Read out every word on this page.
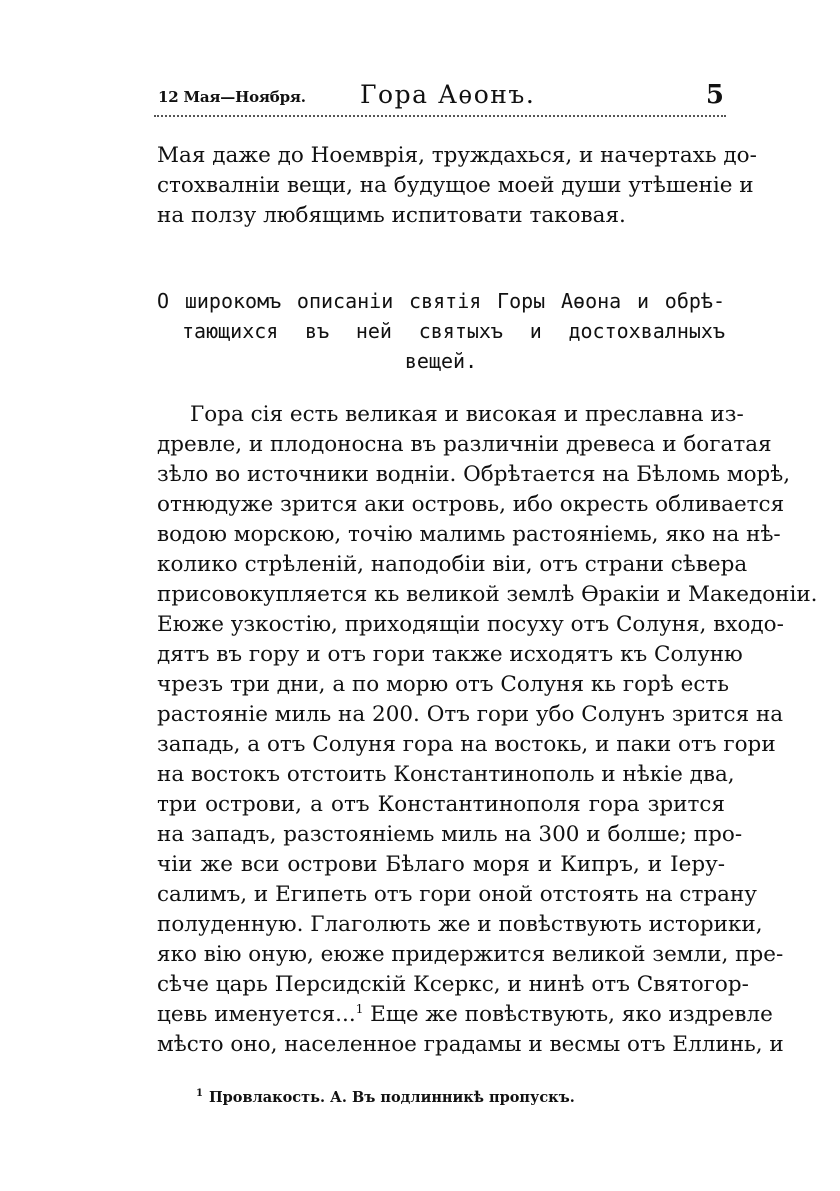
12 Мая—Ноября. Гора Аѳонъ.	5
Мая даже до Ноемврія, труждахься, и начертахь до-
стохвалніи вещи, на будущое моей души утѣшеніе и
на ползу любящимь испитовати таковая.
О широкомъ описаніи святія Горы Аѳона и обрѣ-
тающихся въ ней святыхъ и достохвалныхъ
вещей.
Гора сія есть великая и високая и преславна из-
древле, и плодоносна въ различніи древеса и богатая
зѣло во источники водніи. Обрѣтается на Бѣломь морѣ,
отнюдуже зрится аки островь, ибо окресть обливается
водою морскою, точію малимь растояніемь, яко на нѣ-
колико стрѣленій, наподобіи віи, отъ страни сѣвера
присовокупляется кь великой землѣ Ѳракіи и Македоніи.
Еюже узкостію, приходящіи посуху отъ Солуня, входо-
дятъ въ гору и отъ гори также исходятъ къ Солуню
чрезъ три дни, а по морю отъ Солуня кь горѣ есть
растояніе миль на 200. Отъ гори убо Солунъ зрится на
западь, а отъ Солуня гора на востокь, и паки отъ гори
на востокъ отстоить Константинополь и нѣкіе два,
три острови, а отъ Константинополя гора зрится
на западъ, разстояніемь миль на 300 и болше; про-
чіи же вси острови Бѣлаго моря и Кипръ, и Іеру-
салимъ, и Египеть отъ гори оной отстоять на страну
полуденную. Глаголють же и повѣствують историки,
яко вію оную, еюже придержится великой земли, пре-
сѣче царь Персидскій Ксеркс, и нинѣ отъ Святогор-
цевь именуется...$^1$ Еще же повѣствують, яко издревле
мѣсто оно, населенное градамы и весмы отъ Еллинь, и
$^1$ Провлакость. А. Въ подлинникѣ пропускъ.
